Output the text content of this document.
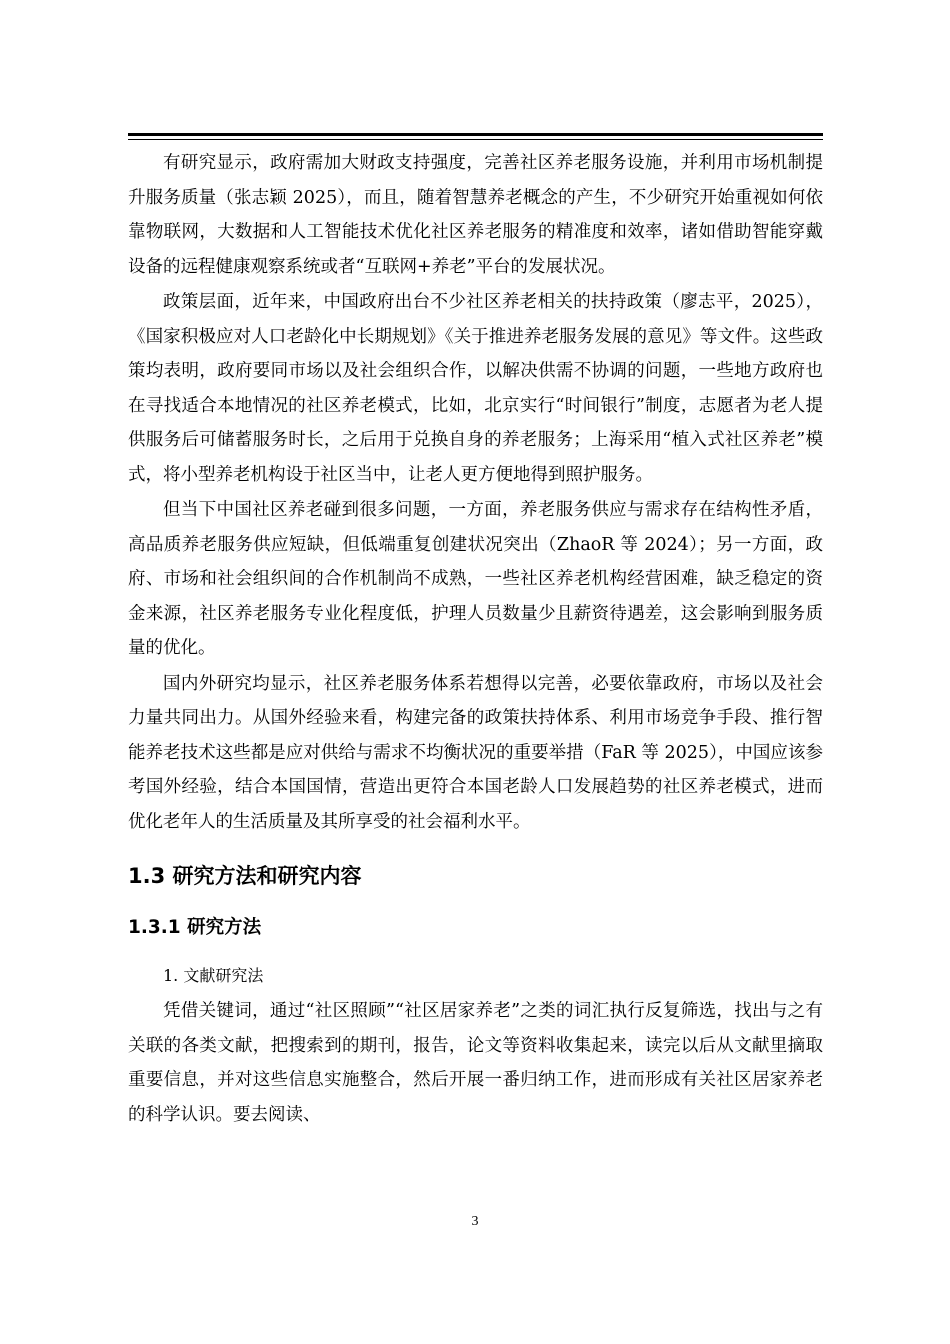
有研究显示，政府需加大财政支持强度，完善社区养老服务设施，并利用市场机制提升服务质量（张志颖 2025），而且，随着智慧养老概念的产生，不少研究开始重视如何依靠物联网，大数据和人工智能技术优化社区养老服务的精准度和效率，诸如借助智能穿戴设备的远程健康观察系统或者“互联网+养老”平台的发展状况。

政策层面，近年来，中国政府出台不少社区养老相关的扶持政策（廖志平，2025），《国家积极应对人口老龄化中长期规划》《关于推进养老服务发展的意见》等文件。这些政策均表明，政府要同市场以及社会组织合作，以解决供需不协调的问题，一些地方政府也在寻找适合本地情况的社区养老模式，比如，北京实行“时间银行”制度，志愿者为老人提供服务后可储蓄服务时长，之后用于兑换自身的养老服务；上海采用“植入式社区养老”模式，将小型养老机构设于社区当中，让老人更方便地得到照护服务。

但当下中国社区养老碰到很多问题，一方面，养老服务供应与需求存在结构性矛盾，高品质养老服务供应短缺，但低端重复创建状况突出（ZhaoR 等 2024）；另一方面，政府、市场和社会组织间的合作机制尚不成熟，一些社区养老机构经营困难，缺乏稳定的资金来源，社区养老服务专业化程度低，护理人员数量少且薪资待遇差，这会影响到服务质量的优化。

国内外研究均显示，社区养老服务体系若想得以完善，必要依靠政府，市场以及社会力量共同出力。从国外经验来看，构建完备的政策扶持体系、利用市场竞争手段、推行智能养老技术这些都是应对供给与需求不均衡状况的重要举措（FaR 等 2025），中国应该参考国外经验，结合本国国情，营造出更符合本国老龄人口发展趋势的社区养老模式，进而优化老年人的生活质量及其所享受的社会福利水平。

1.3 研究方法和研究内容
1.3.1 研究方法

1. 文献研究法

凭借关键词，通过“社区照顾”“社区居家养老”之类的词汇执行反复筛选，找出与之有关联的各类文献，把搜索到的期刊，报告，论文等资料收集起来，读完以后从文献里摘取重要信息，并对这些信息实施整合，然后开展一番归纳工作，进而形成有关社区居家养老的科学认识。要去阅读、

3
